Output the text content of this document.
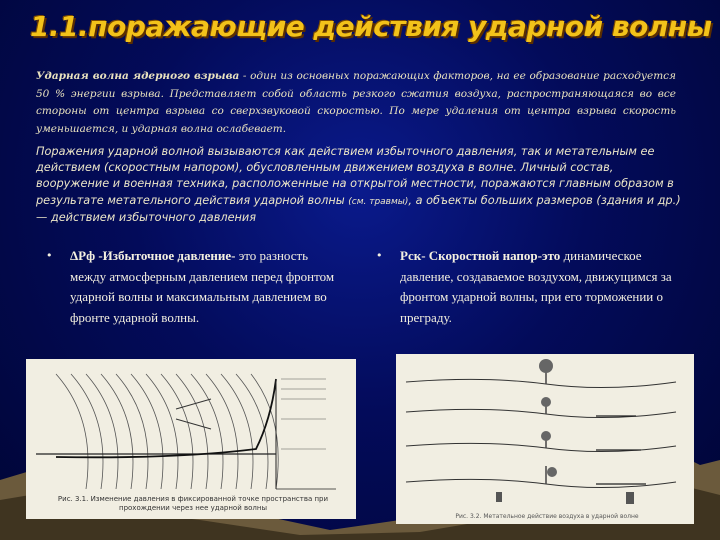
1.1.поражающие действия ударной волны
Ударная волна ядерного взрыва - один из основных поражающих факторов, на ее образование расходуется 50 % энергии взрыва. Представляет собой область резкого сжатия воздуха, распространяющаяся во все стороны от центра взрыва со сверхзвуковой скоростью. По мере удаления от центра взрыва скорость уменьшается, и ударная волна ослабевает.
Поражения ударной волной вызываются как действием избыточного давления, так и метательным ее действием (скоростным напором), обусловленным движением воздуха в волне. Личный состав, вооружение и военная техника, расположенные на открытой местности, поражаются главным образом в результате метательного действия ударной волны (см. травмы), а объекты больших размеров (здания и др.)— действием избыточного давления
• ΔPф -Избыточное давление- это разность между атмосферным давлением перед фронтом ударной волны и максимальным давлением во фронте ударной волны.
• Рск- Скоростной напор-это динамическое давление, создаваемое воздухом, движущимся за фронтом ударной волны, при его торможении о преграду.
Рис. 3.1. Изменение давления в фиксированной точке пространства при прохождении через нее ударной волны
Рис. 3.2. Метательное действие воздуха в ударной волне
